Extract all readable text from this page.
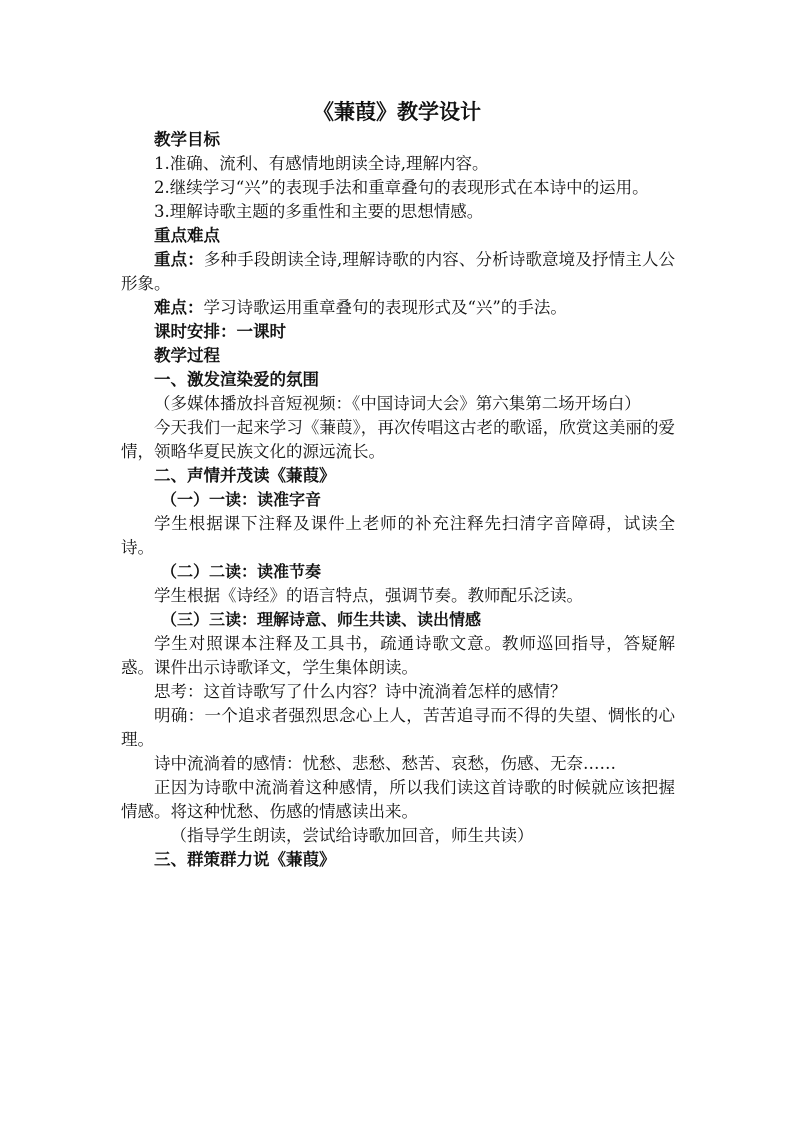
《蒹葭》教学设计

教学目标

1.准确、流利、有感情地朗读全诗,理解内容。

2.继续学习“兴”的表现手法和重章叠句的表现形式在本诗中的运用。

3.理解诗歌主题的多重性和主要的思想情感。

重点难点

重点：多种手段朗读全诗,理解诗歌的内容、分析诗歌意境及抒情主人公形象。

难点：学习诗歌运用重章叠句的表现形式及“兴”的手法。

课时安排：一课时

教学过程

一、激发渲染爱的氛围

（多媒体播放抖音短视频：《中国诗词大会》第六集第二场开场白）

今天我们一起来学习《蒹葭》，再次传唱这古老的歌谣，欣赏这美丽的爱情，领略华夏民族文化的源远流长。

二、声情并茂读《蒹葭》

（一）一读：读准字音

学生根据课下注释及课件上老师的补充注释先扫清字音障碍，试读全诗。

（二）二读：读准节奏

学生根据《诗经》的语言特点，强调节奏。教师配乐泛读。

（三）三读：理解诗意、师生共读、读出情感

学生对照课本注释及工具书，疏通诗歌文意。教师巡回指导，答疑解惑。课件出示诗歌译文，学生集体朗读。

思考：这首诗歌写了什么内容？诗中流淌着怎样的感情？

明确：一个追求者强烈思念心上人，苦苦追寻而不得的失望、惆怅的心理。

诗中流淌着的感情：忧愁、悲愁、愁苦、哀愁，伤感、无奈……

正因为诗歌中流淌着这种感情，所以我们读这首诗歌的时候就应该把握情感。将这种忧愁、伤感的情感读出来。

（指导学生朗读，尝试给诗歌加回音，师生共读）

三、群策群力说《蒹葭》
